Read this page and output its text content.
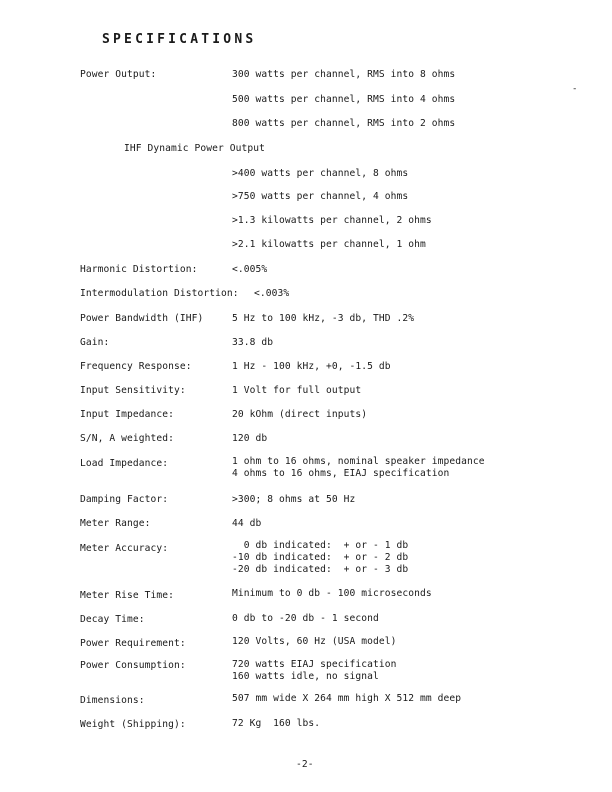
SPECIFICATIONS
-
Power Output:	300 watts per channel, RMS into 8 ohms
500 watts per channel, RMS into 4 ohms
800 watts per channel, RMS into 2 ohms
IHF Dynamic Power Output
>400 watts per channel, 8 ohms
>750 watts per channel, 4 ohms
>1.3 kilowatts per channel, 2 ohms
>2.1 kilowatts per channel, 1 ohm
Harmonic Distortion:	<.005%
Intermodulation Distortion: <.003%
Power Bandwidth (IHF)	5 Hz to 100 kHz, -3 db, THD .2%
Gain:	33.8 db
Frequency Response:	1 Hz - 100 kHz, +0, -1.5 db
Input Sensitivity:	1 Volt for full output
Input Impedance:	20 kOhm (direct inputs)
S/N, A weighted:	120 db
Load Impedance:	1 ohm to 16 ohms, nominal speaker impedance
4 ohms to 16 ohms, EIAJ specification
Damping Factor:	>300; 8 ohms at 50 Hz
Meter Range:	44 db
Meter Accuracy:	0 db indicated:  + or - 1 db
-10 db indicated:  + or - 2 db
-20 db indicated:  + or - 3 db
Meter Rise Time:	Minimum to 0 db - 100 microseconds
Decay Time:	0 db to -20 db - 1 second
Power Requirement:	120 Volts, 60 Hz (USA model)
Power Consumption:	720 watts EIAJ specification
160 watts idle, no signal
Dimensions:	507 mm wide X 264 mm high X 512 mm deep
Weight (Shipping):	72 Kg  160 lbs.
-2-
